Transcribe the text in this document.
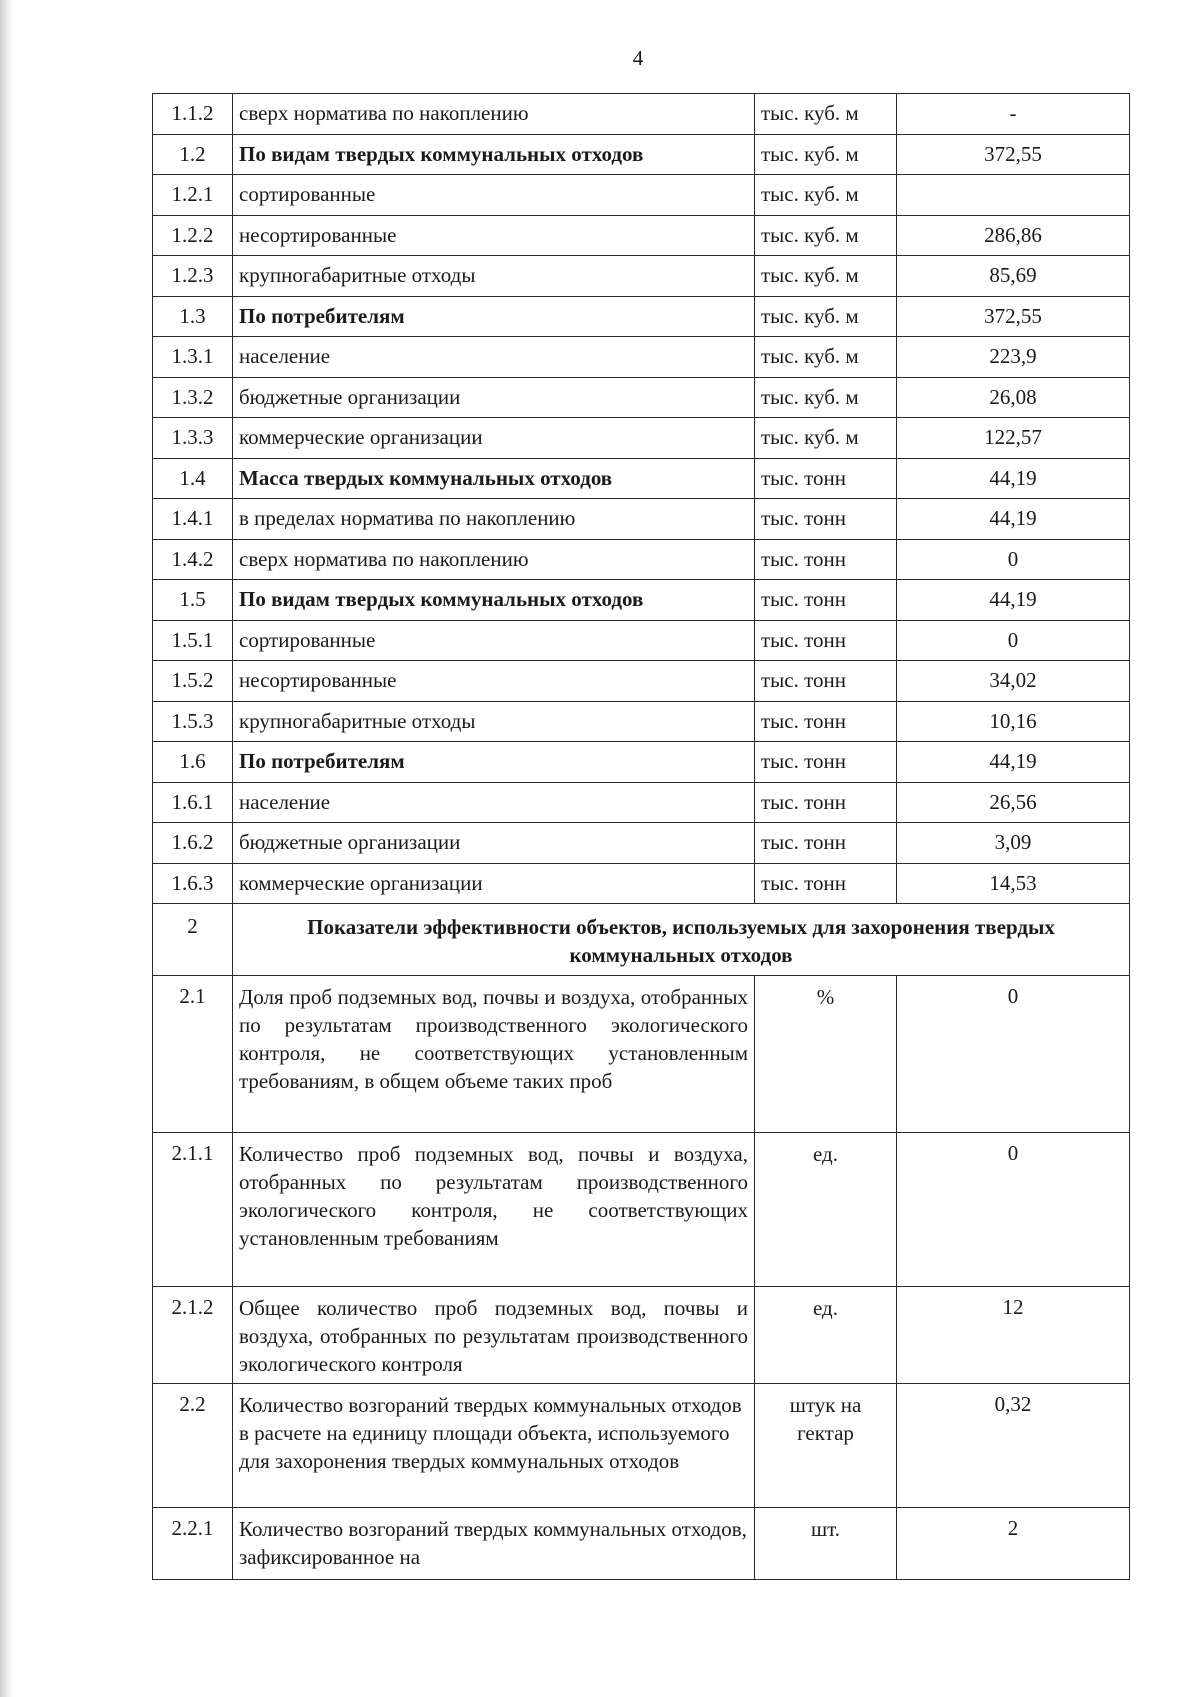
4
1.1.2	сверх норматива по накоплению	тыс. куб. м	-
1.2	По видам твердых коммунальных отходов	тыс. куб. м	372,55
1.2.1	сортированные	тыс. куб. м	
1.2.2	несортированные	тыс. куб. м	286,86
1.2.3	крупногабаритные отходы	тыс. куб. м	85,69
1.3	По потребителям	тыс. куб. м	372,55
1.3.1	население	тыс. куб. м	223,9
1.3.2	бюджетные организации	тыс. куб. м	26,08
1.3.3	коммерческие организации	тыс. куб. м	122,57
1.4	Масса твердых коммунальных отходов	тыс. тонн	44,19
1.4.1	в пределах норматива по накоплению	тыс. тонн	44,19
1.4.2	сверх норматива по накоплению	тыс. тонн	0
1.5	По видам твердых коммунальных отходов	тыс. тонн	44,19
1.5.1	сортированные	тыс. тонн	0
1.5.2	несортированные	тыс. тонн	34,02
1.5.3	крупногабаритные отходы	тыс. тонн	10,16
1.6	По потребителям	тыс. тонн	44,19
1.6.1	население	тыс. тонн	26,56
1.6.2	бюджетные организации	тыс. тонн	3,09
1.6.3	коммерческие организации	тыс. тонн	14,53
2	Показатели эффективности объектов, используемых для захоронения твердых коммунальных отходов		
2.1	Доля проб подземных вод, почвы и воздуха, отобранных по результатам производственного экологического контроля, не соответствующих установленным требованиям, в общем объеме таких проб	%	0
2.1.1	Количество проб подземных вод, почвы и воздуха, отобранных по результатам производственного экологического контроля, не соответствующих установленным требованиям	ед.	0
2.1.2	Общее количество проб подземных вод, почвы и воздуха, отобранных по результатам производственного экологического контроля	ед.	12
2.2	Количество возгораний твердых коммунальных отходов в расчете на единицу площади объекта, используемого для захоронения твердых коммунальных отходов	штук на гектар	0,32
2.2.1	Количество возгораний твердых коммунальных отходов, зафиксированное на	шт.	2
